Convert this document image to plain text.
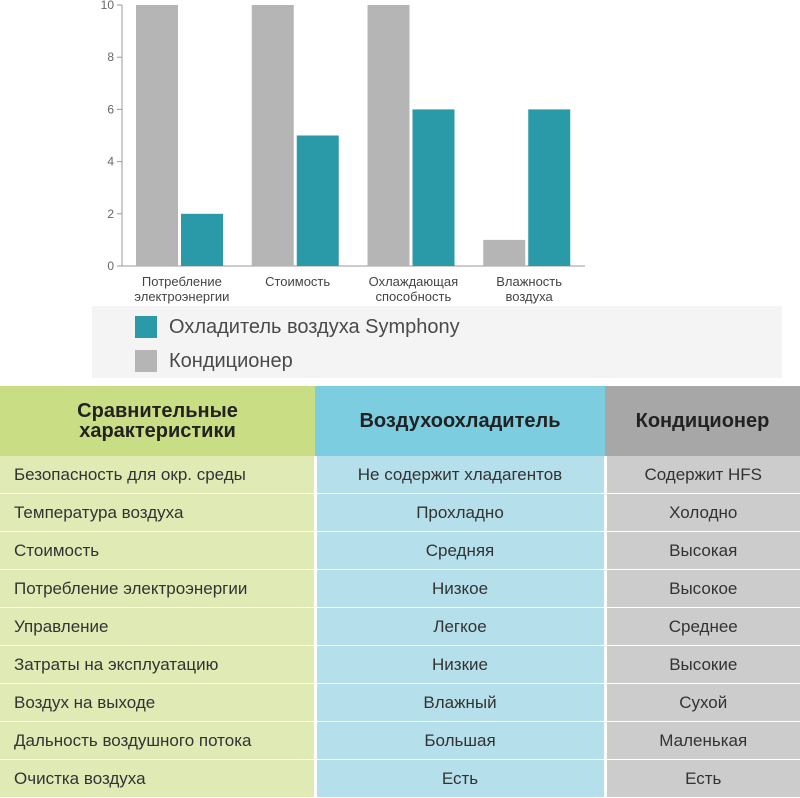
0
2
4
6
8
10
Потребление
электроэнергии
Стоимость	Охлаждающая
способность
Влажность
воздуха
Охладитель воздуха Symphony
Кондиционер
Сравнительные характеристики	Воздухоохладитель	Кондиционер
Безопасность для окр. среды	Не содержит хладагентов	Содержит HFS
Температура воздуха	Прохладно	Холодно
Стоимость	Средняя	Высокая
Потребление электроэнергии	Низкое	Высокое
Управление	Легкое	Среднее
Затраты на эксплуатацию	Низкие	Высокие
Воздух на выходе	Влажный	Сухой
Дальность воздушного потока	Большая	Маленькая
Очистка воздуха	Есть	Есть
